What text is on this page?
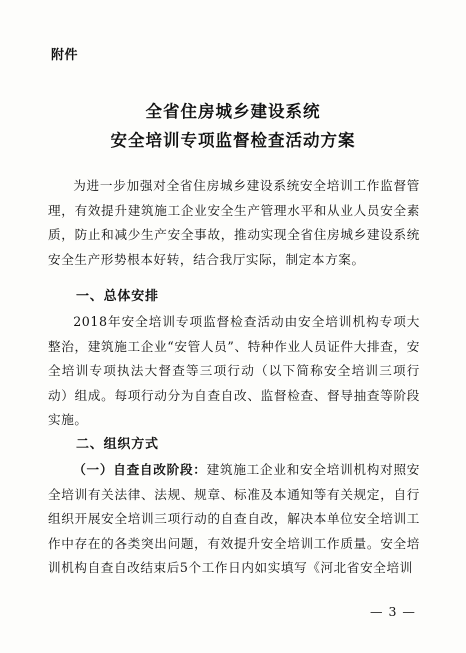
附件
全省住房城乡建设系统
安全培训专项监督检查活动方案
为进一步加强对全省住房城乡建设系统安全培训工作监督管理，有效提升建筑施工企业安全生产管理水平和从业人员安全素质，防止和减少生产安全事故，推动实现全省住房城乡建设系统安全生产形势根本好转，结合我厅实际，制定本方案。
一、总体安排
2018年安全培训专项监督检查活动由安全培训机构专项大整治，建筑施工企业“安管人员”、特种作业人员证件大排查，安全培训专项执法大督查等三项行动（以下简称安全培训三项行动）组成。每项行动分为自查自改、监督检查、督导抽查等阶段实施。
二、组织方式
（一）自查自改阶段：建筑施工企业和安全培训机构对照安全培训有关法律、法规、规章、标准及本通知等有关规定，自行组织开展安全培训三项行动的自查自改，解决本单位安全培训工作中存在的各类突出问题，有效提升安全培训工作质量。安全培训机构自查自改结束后5个工作日内如实填写《河北省安全培训
— 3 —
